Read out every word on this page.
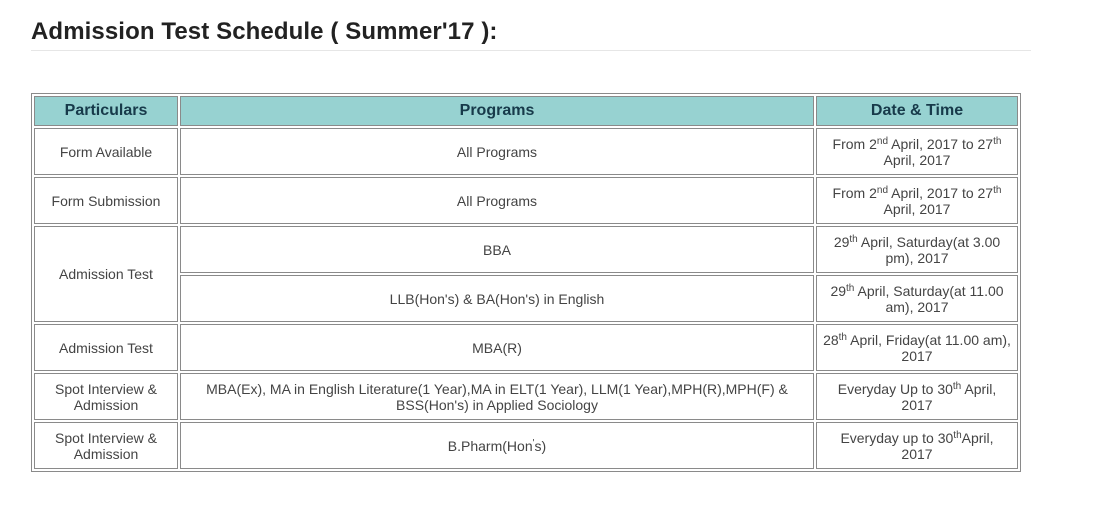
Admission Test Schedule ( Summer'17 ):
Particulars	Programs	Date & Time
Form Available	All Programs	From 2nd April, 2017 to 27th April, 2017
Form Submission	All Programs	From 2nd April, 2017 to 27th April, 2017
Admission Test	BBA	29th April, Saturday(at 3.00 pm), 2017
	LLB(Hon's) & BA(Hon's) in English	29th April, Saturday(at 11.00 am), 2017
Admission Test	MBA(R)	28th April, Friday(at 11.00 am), 2017
Spot Interview & Admission	MBA(Ex), MA in English Literature(1 Year),MA in ELT(1 Year), LLM(1 Year),MPH(R),MPH(F) & BSS(Hon's) in Applied Sociology	Everyday Up to 30th April, 2017
Spot Interview & Admission	B.Pharm(Hon's)	Everyday up to 30thApril, 2017
